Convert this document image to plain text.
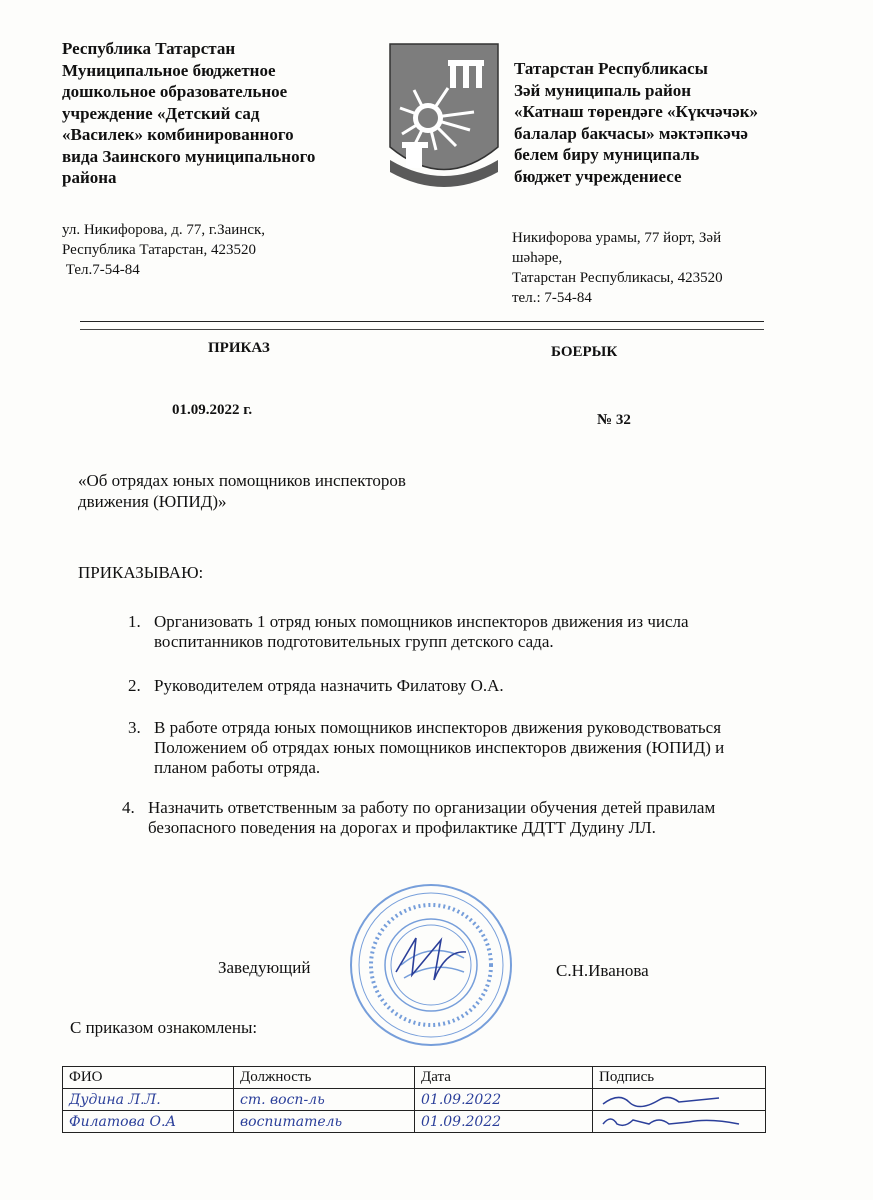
Республика Татарстан
Муниципальное бюджетное
дошкольное образовательное
учреждение «Детский сад
«Василек» комбинированного
вида Заинского муниципального
района
Татарстан Республикасы
Зәй муниципаль район
«Катнаш төрендәге «Күкчәчәк»
балалар бакчасы» мәктәпкәчә
белем биру муниципаль
бюджет учреждениесе
ул. Никифорова, д. 77, г.Заинск,
Республика Татарстан, 423520
Тел.7-54-84
Никифорова урамы, 77 йорт, Зәй
шәһәре,
Татарстан Республикасы, 423520
тел.: 7-54-84
ПРИКАЗ	БОЕРЫК
01.09.2022 г.
№ 32
«Об отрядах юных помощников инспекторов движения (ЮПИД)»
ПРИКАЗЫВАЮ:
1. Организовать 1 отряд юных помощников инспекторов движения из числа воспитанников подготовительных групп детского сада.
2. Руководителем отряда назначить Филатову О.А.
3. В работе отряда юных помощников инспекторов движения руководствоваться Положением об отрядах юных помощников инспекторов движения (ЮПИД) и планом работы отряда.
4. Назначить ответственным за работу по организации обучения детей правилам безопасного поведения на дорогах и профилактике ДДТТ Дудину ЛЛ.
Заведующий	С.Н.Иванова
С приказом ознакомлены:
ФИО	Должность	Дата	Подпись
Дудина Л.Л.	ст. восп-ль	01.09.2022	

Филатова О.А	воспитатель	01.09.2022	
